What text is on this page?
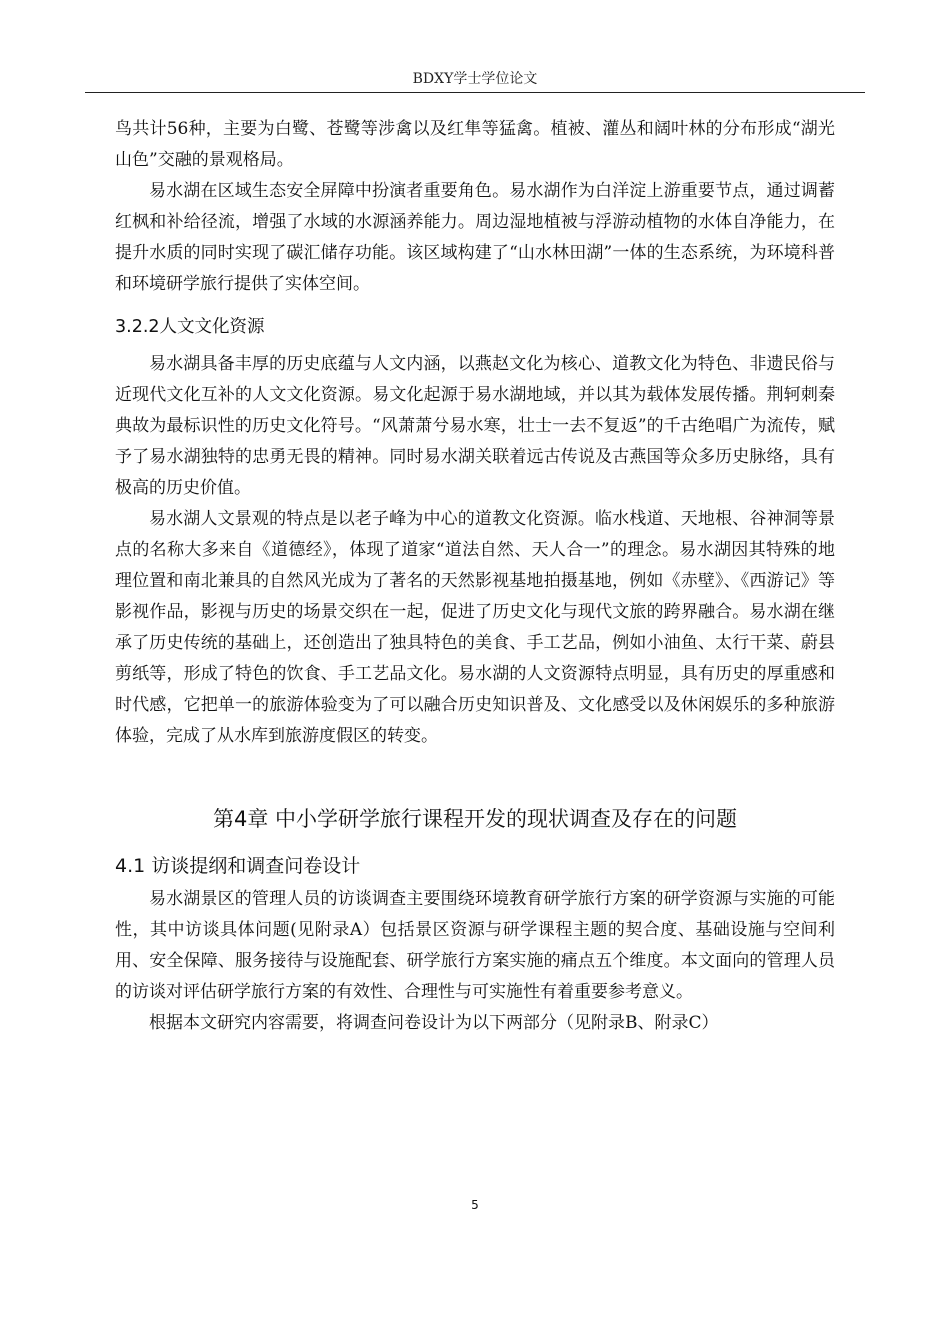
BDXY学士学位论文

鸟共计56种，主要为白鹭、苍鹭等涉禽以及红隼等猛禽。植被、灌丛和阔叶林的分布形成“湖光山色”交融的景观格局。

易水湖在区域生态安全屏障中扮演者重要角色。易水湖作为白洋淀上游重要节点，通过调蓄红枫和补给径流，增强了水域的水源涵养能力。周边湿地植被与浮游动植物的水体自净能力，在提升水质的同时实现了碳汇储存功能。该区域构建了“山水林田湖”一体的生态系统，为环境科普和环境研学旅行提供了实体空间。

3.2.2人文文化资源

易水湖具备丰厚的历史底蕴与人文内涵，以燕赵文化为核心、道教文化为特色、非遗民俗与近现代文化互补的人文文化资源。易文化起源于易水湖地域，并以其为载体发展传播。荆轲刺秦典故为最标识性的历史文化符号。“风萧萧兮易水寒，壮士一去不复返”的千古绝唱广为流传，赋予了易水湖独特的忠勇无畏的精神。同时易水湖关联着远古传说及古燕国等众多历史脉络，具有极高的历史价值。

易水湖人文景观的特点是以老子峰为中心的道教文化资源。临水栈道、天地根、谷神洞等景点的名称大多来自《道德经》，体现了道家“道法自然、天人合一”的理念。易水湖因其特殊的地理位置和南北兼具的自然风光成为了著名的天然影视基地拍摄基地，例如《赤壁》、《西游记》等影视作品，影视与历史的场景交织在一起，促进了历史文化与现代文旅的跨界融合。易水湖在继承了历史传统的基础上，还创造出了独具特色的美食、手工艺品，例如小油鱼、太行干菜、蔚县剪纸等，形成了特色的饮食、手工艺品文化。易水湖的人文资源特点明显，具有历史的厚重感和时代感，它把单一的旅游体验变为了可以融合历史知识普及、文化感受以及休闲娱乐的多种旅游体验，完成了从水库到旅游度假区的转变。

第4章 中小学研学旅行课程开发的现状调查及存在的问题
4.1 访谈提纲和调查问卷设计

易水湖景区的管理人员的访谈调查主要围绕环境教育研学旅行方案的研学资源与实施的可能性，其中访谈具体问题(见附录A）包括景区资源与研学课程主题的契合度、基础设施与空间利用、安全保障、服务接待与设施配套、研学旅行方案实施的痛点五个维度。本文面向的管理人员的访谈对评估研学旅行方案的有效性、合理性与可实施性有着重要参考意义。

根据本文研究内容需要，将调查问卷设计为以下两部分（见附录B、附录C）

5
